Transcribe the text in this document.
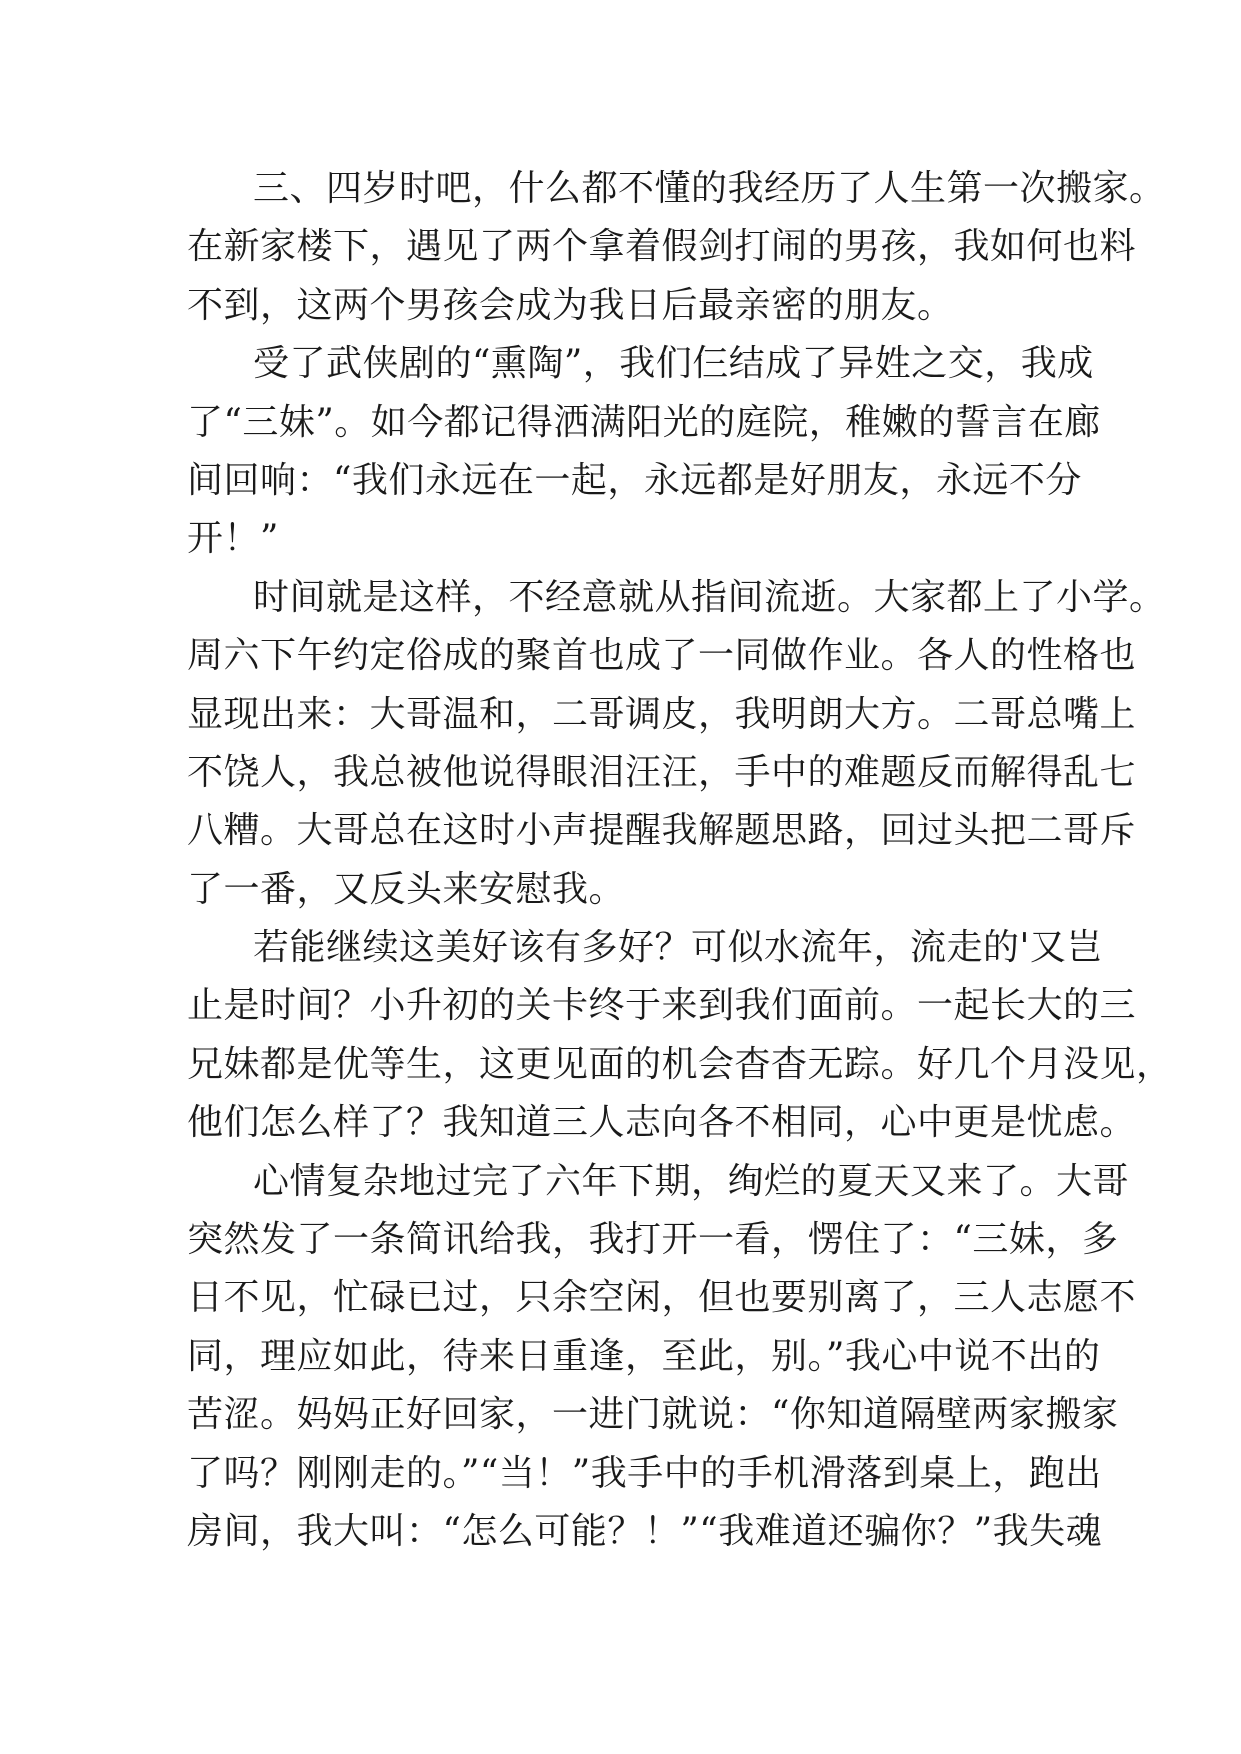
三、四岁时吧，什么都不懂的我经历了人生第一次搬家。
在新家楼下，遇见了两个拿着假剑打闹的男孩，我如何也料
不到，这两个男孩会成为我日后最亲密的朋友。
受了武侠剧的“熏陶”，我们仨结成了异姓之交，我成
了“三妹”。如今都记得洒满阳光的庭院，稚嫩的誓言在廊
间回响：“我们永远在一起，永远都是好朋友，永远不分
开！”
时间就是这样，不经意就从指间流逝。大家都上了小学。
周六下午约定俗成的聚首也成了一同做作业。各人的性格也
显现出来：大哥温和，二哥调皮，我明朗大方。二哥总嘴上
不饶人，我总被他说得眼泪汪汪，手中的难题反而解得乱七
八糟。大哥总在这时小声提醒我解题思路，回过头把二哥斥
了一番，又反头来安慰我。
若能继续这美好该有多好？可似水流年，流走的'又岂
止是时间？小升初的关卡终于来到我们面前。一起长大的三
兄妹都是优等生，这更见面的机会杳杳无踪。好几个月没见，
他们怎么样了？我知道三人志向各不相同，心中更是忧虑。
心情复杂地过完了六年下期，绚烂的夏天又来了。大哥
突然发了一条简讯给我，我打开一看，愣住了：“三妹，多
日不见，忙碌已过，只余空闲，但也要别离了，三人志愿不
同，理应如此，待来日重逢，至此，别。”我心中说不出的
苦涩。妈妈正好回家，一进门就说：“你知道隔壁两家搬家
了吗？刚刚走的。”“当！”我手中的手机滑落到桌上，跑出
房间，我大叫：“怎么可能？！”“我难道还骗你？”我失魂
